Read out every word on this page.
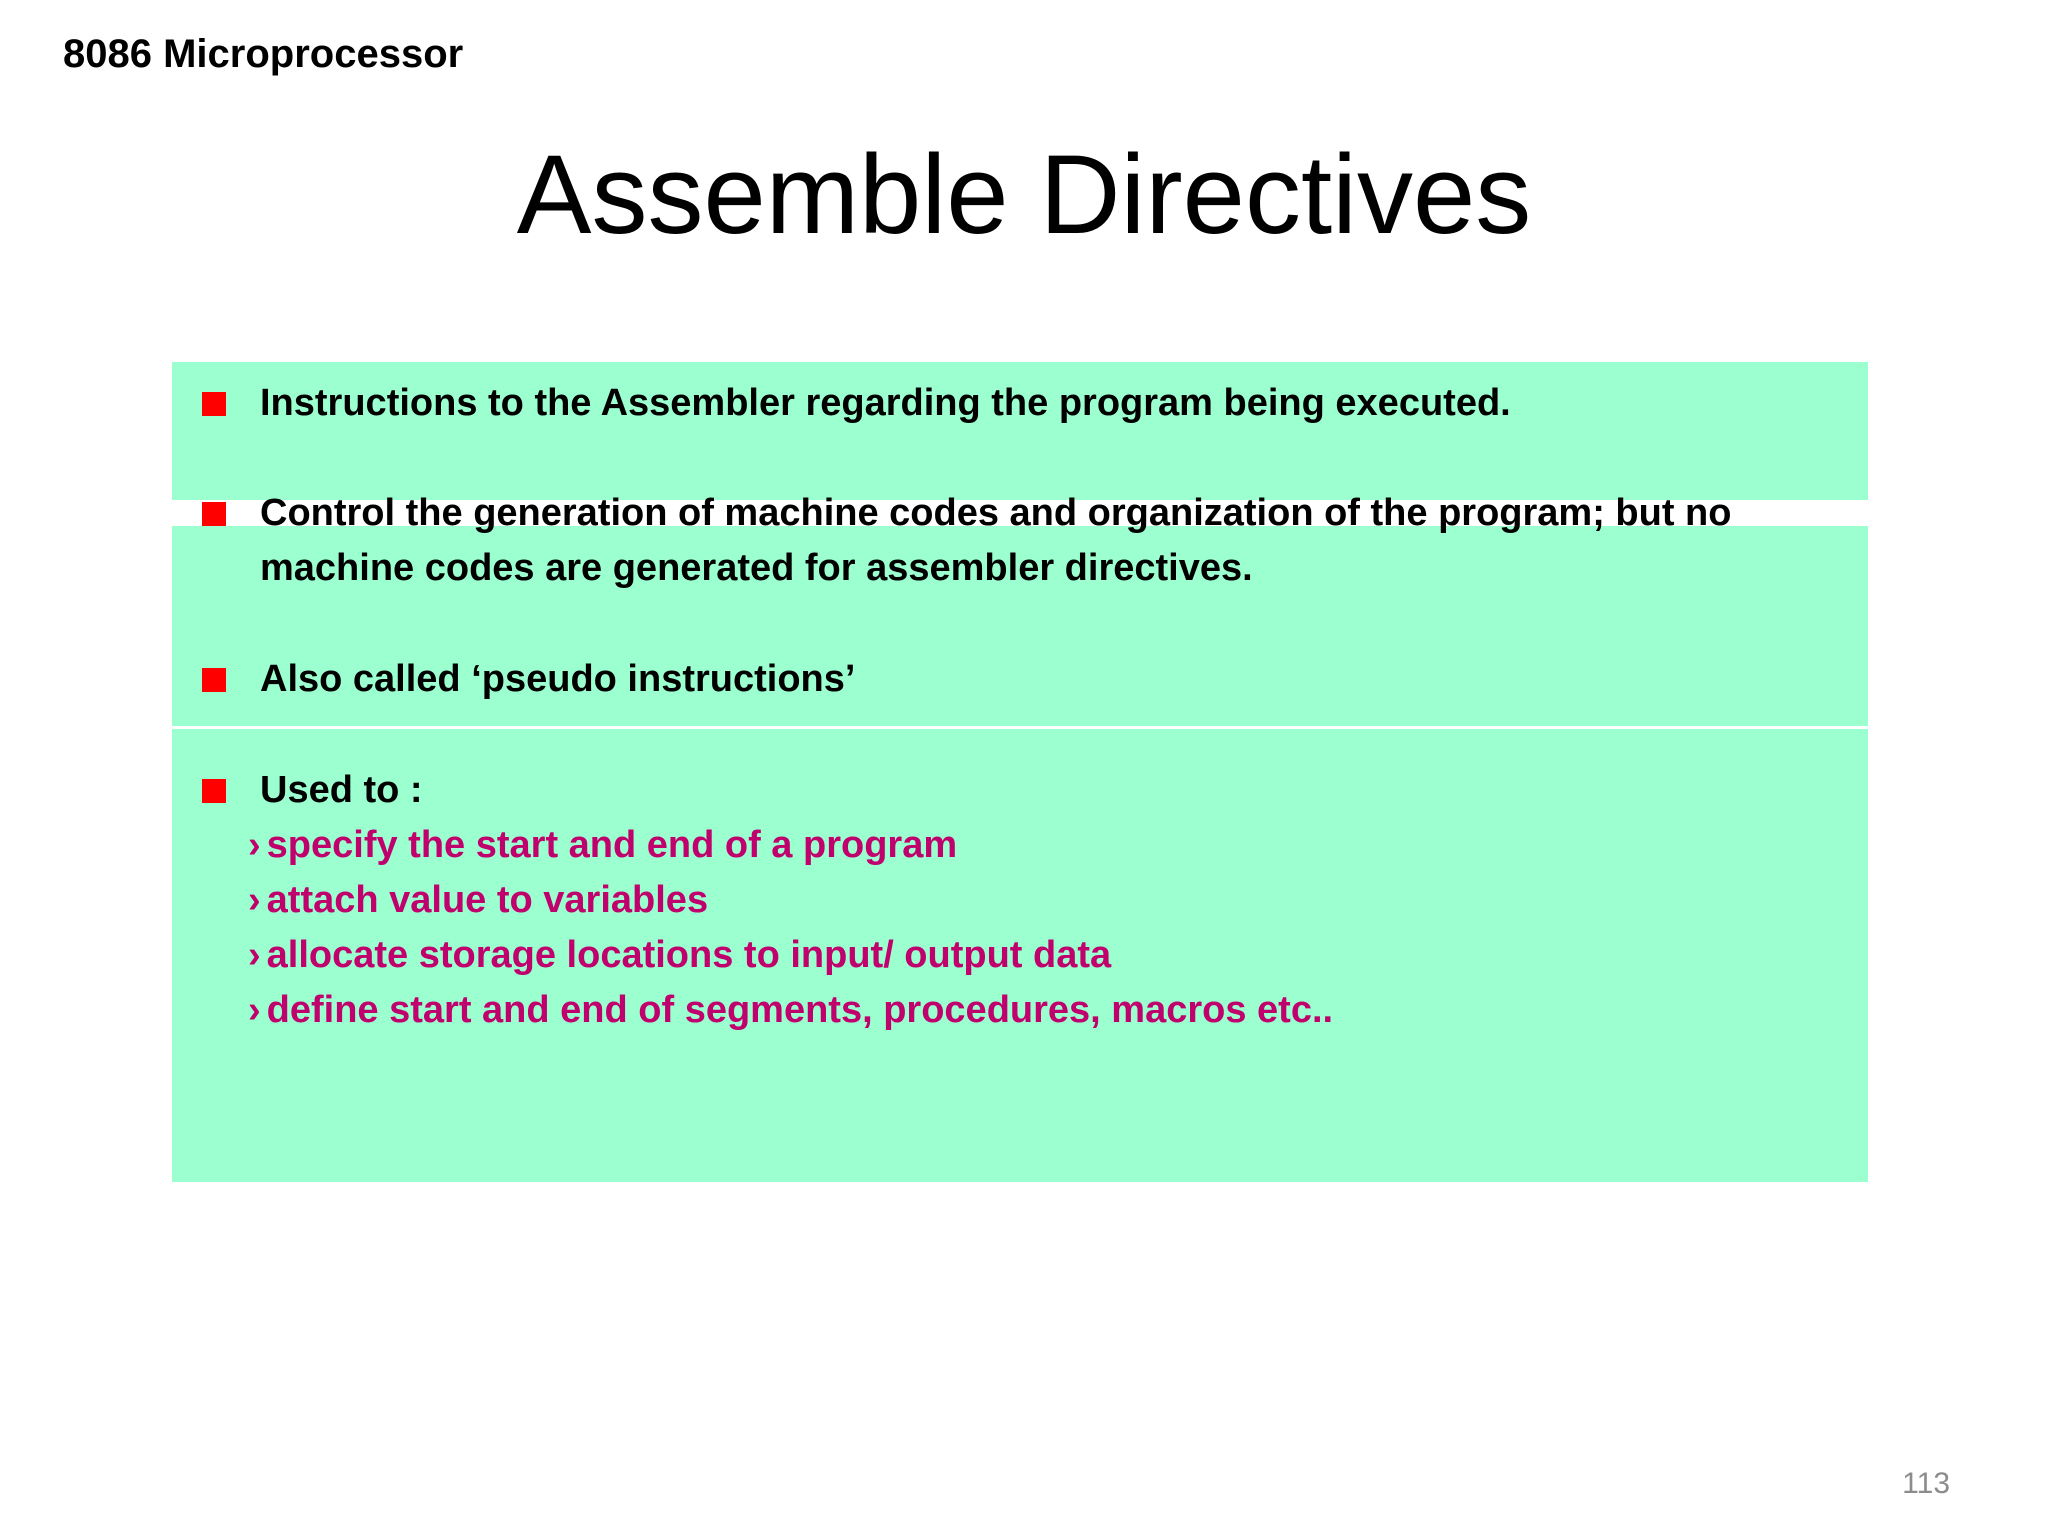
8086 Microprocessor
Assemble Directives
Instructions to the Assembler regarding the program being executed.
Control the generation of machine codes and organization of the program; but no machine codes are generated for assembler directives.
Also called ‘pseudo instructions’
Used to :
› specify the start and end of a program
› attach value to variables
› allocate storage locations to input/ output data
› define start and end of segments, procedures, macros etc..
113
